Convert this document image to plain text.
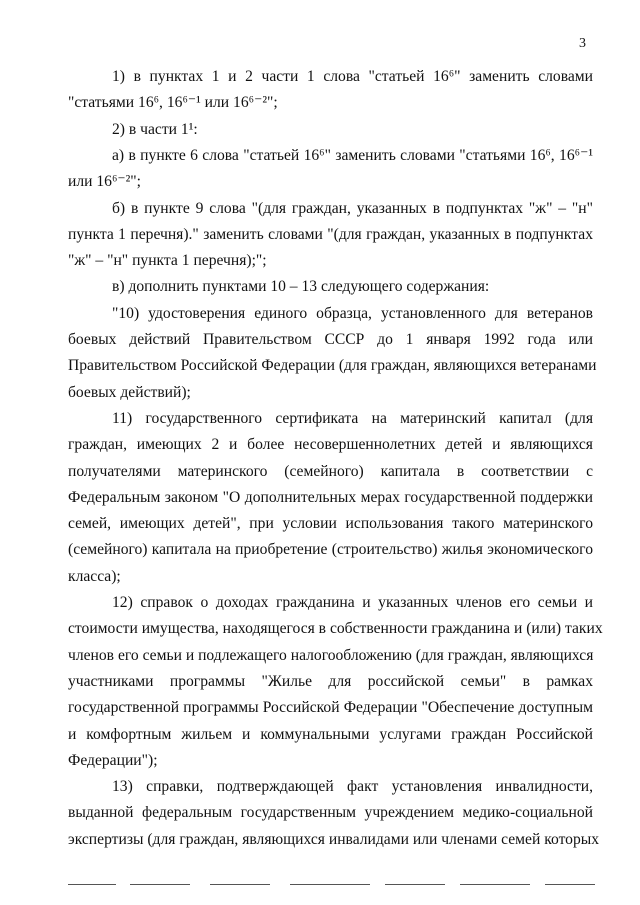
3
1) в пунктах 1 и 2 части 1 слова "статьей 16⁶" заменить словами
"статьями 16⁶, 16⁶⁻¹ или 16⁶⁻²";
2) в части 1¹:
а) в пункте 6 слова "статьей 16⁶" заменить словами "статьями 16⁶, 16⁶⁻¹
или 16⁶⁻²";
б) в пункте 9 слова "(для граждан, указанных в подпунктах "ж" – "н"
пункта 1 перечня)." заменить словами "(для граждан, указанных в подпунктах
"ж" – "н" пункта 1 перечня);";
в) дополнить пунктами 10 – 13 следующего содержания:
"10) удостоверения единого образца, установленного для ветеранов
боевых действий Правительством СССР до 1 января 1992 года или
Правительством Российской Федерации (для граждан, являющихся ветеранами
боевых действий);
11) государственного сертификата на материнский капитал (для
граждан, имеющих 2 и более несовершеннолетних детей и являющихся
получателями материнского (семейного) капитала в соответствии с
Федеральным законом "О дополнительных мерах государственной поддержки
семей, имеющих детей", при условии использования такого материнского
(семейного) капитала на приобретение (строительство) жилья экономического
класса);
12) справок о доходах гражданина и указанных членов его семьи и
стоимости имущества, находящегося в собственности гражданина и (или) таких
членов его семьи и подлежащего налогообложению (для граждан, являющихся
участниками программы "Жилье для российской семьи" в рамках
государственной программы Российской Федерации "Обеспечение доступным
и комфортным жильем и коммунальными услугами граждан Российской
Федерации");
13) справки, подтверждающей факт установления инвалидности,
выданной федеральным государственным учреждением медико-социальной
экспертизы (для граждан, являющихся инвалидами или членами семей которых
